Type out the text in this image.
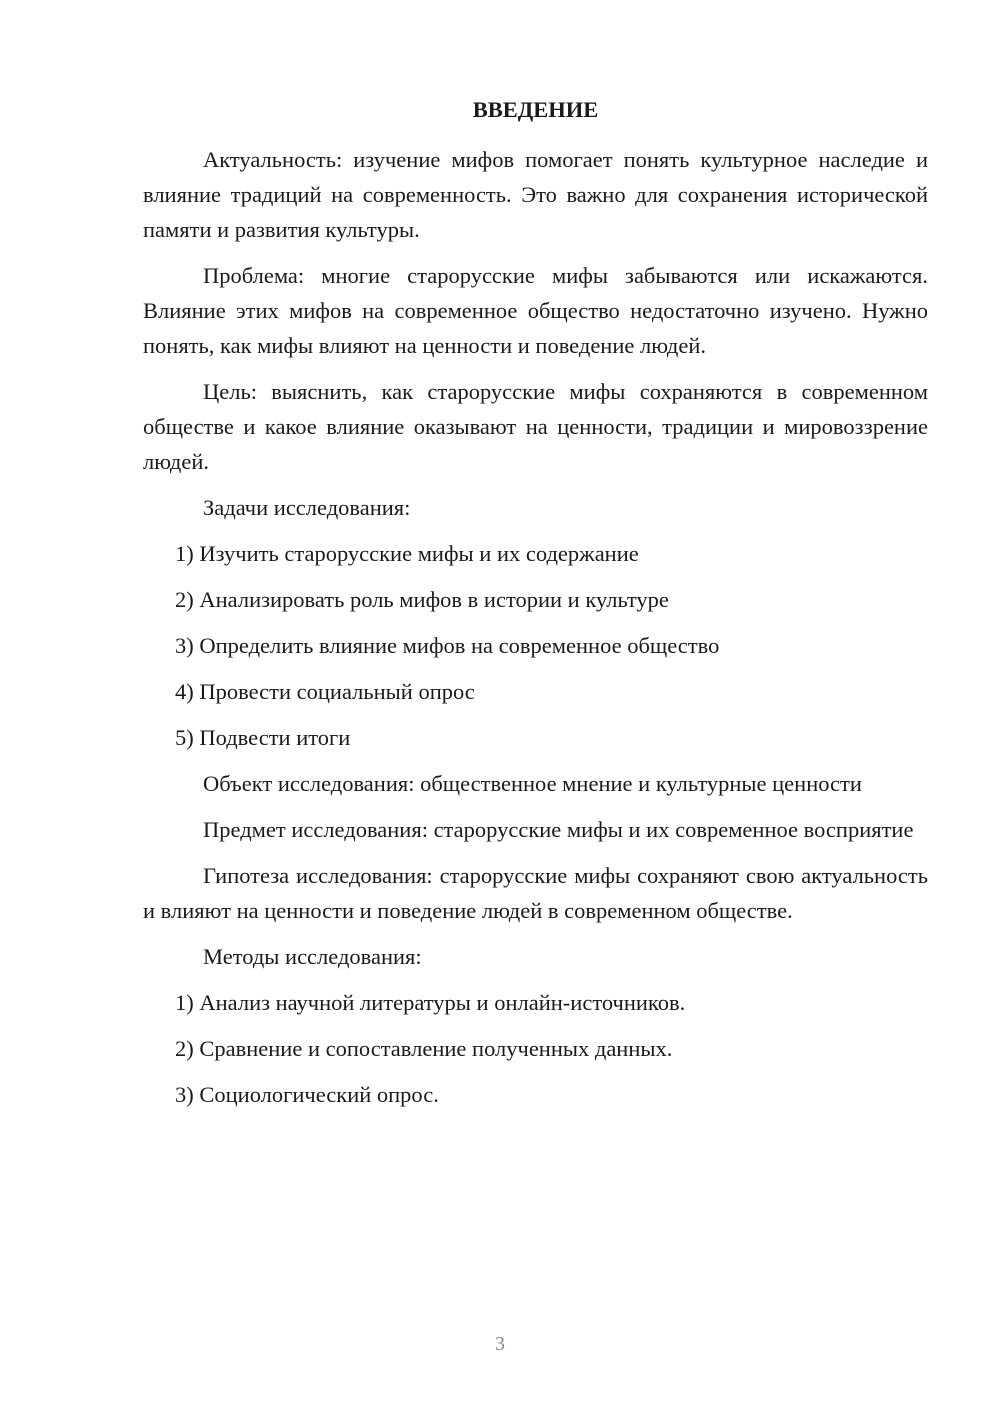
ВВЕДЕНИЕ

Актуальность: изучение мифов помогает понять культурное наследие и влияние традиций на современность. Это важно для сохранения исторической памяти и развития культуры.

Проблема: многие старорусские мифы забываются или искажаются. Влияние этих мифов на современное общество недостаточно изучено. Нужно понять, как мифы влияют на ценности и поведение людей.

Цель: выяснить, как старорусские мифы сохраняются в современном обществе и какое влияние оказывают на ценности, традиции и мировоззрение людей.

Задачи исследования:

1) Изучить старорусские мифы и их содержание

2) Анализировать роль мифов в истории и культуре

3) Определить влияние мифов на современное общество

4) Провести социальный опрос

5) Подвести итоги

Объект исследования: общественное мнение и культурные ценности

Предмет исследования: старорусские мифы и их современное восприятие

Гипотеза исследования: старорусские мифы сохраняют свою актуальность и влияют на ценности и поведение людей в современном обществе.

Методы исследования:

1) Анализ научной литературы и онлайн-источников.

2) Сравнение и сопоставление полученных данных.

3) Социологический опрос.

3
